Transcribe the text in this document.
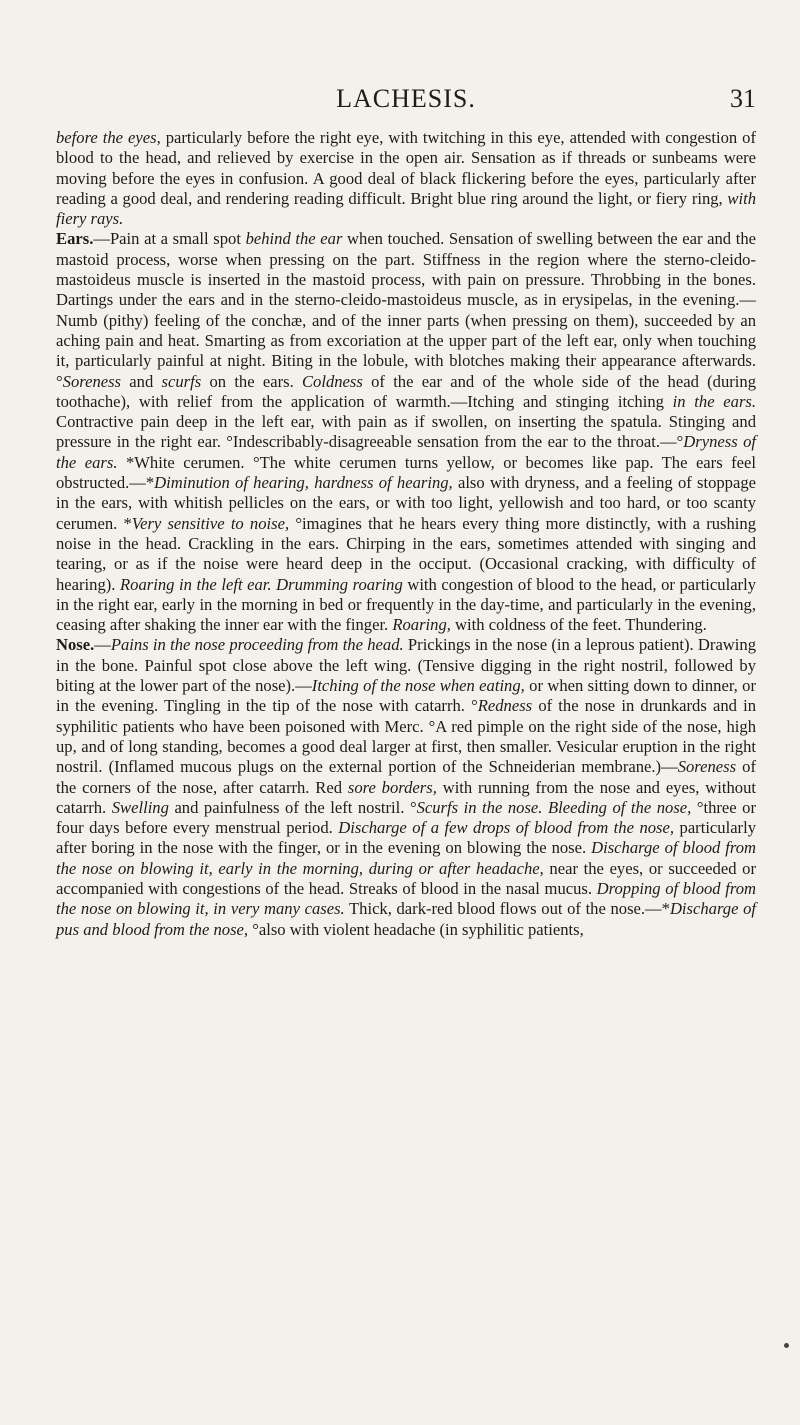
LACHESIS.	31

before the eyes, particularly before the right eye, with twitching in this eye, attended with congestion of blood to the head, and relieved by exercise in the open air. Sensation as if threads or sunbeams were moving before the eyes in confusion. A good deal of black flickering before the eyes, particularly after reading a good deal, and rendering reading difficult. Bright blue ring around the light, or fiery ring, with fiery rays.

Ears.—Pain at a small spot behind the ear when touched. Sensation of swelling between the ear and the mastoid process, worse when pressing on the part. Stiffness in the region where the sterno-cleido-mastoideus muscle is inserted in the mastoid process, with pain on pressure. Throbbing in the bones. Dartings under the ears and in the sterno-cleido-mastoideus muscle, as in erysipelas, in the evening.—Numb (pithy) feeling of the conchæ, and of the inner parts (when pressing on them), succeeded by an aching pain and heat. Smarting as from excoriation at the upper part of the left ear, only when touching it, particularly painful at night. Biting in the lobule, with blotches making their appearance afterwards. °Soreness and scurfs on the ears. Coldness of the ear and of the whole side of the head (during toothache), with relief from the application of warmth.—Itching and stinging itching in the ears. Contractive pain deep in the left ear, with pain as if swollen, on inserting the spatula. Stinging and pressure in the right ear. °Indescribably-disagreeable sensation from the ear to the throat.—°Dryness of the ears. *White cerumen. °The white cerumen turns yellow, or becomes like pap. The ears feel obstructed.—*Diminution of hearing, hardness of hearing, also with dryness, and a feeling of stoppage in the ears, with whitish pellicles on the ears, or with too light, yellowish and too hard, or too scanty cerumen. *Very sensitive to noise, °imagines that he hears every thing more distinctly, with a rushing noise in the head. Crackling in the ears. Chirping in the ears, sometimes attended with singing and tearing, or as if the noise were heard deep in the occiput. (Occasional cracking, with difficulty of hearing). Roaring in the left ear. Drumming roaring with congestion of blood to the head, or particularly in the right ear, early in the morning in bed or frequently in the day-time, and particularly in the evening, ceasing after shaking the inner ear with the finger. Roaring, with coldness of the feet. Thundering.

Nose.—Pains in the nose proceeding from the head. Prickings in the nose (in a leprous patient). Drawing in the bone. Painful spot close above the left wing. (Tensive digging in the right nostril, followed by biting at the lower part of the nose).—Itching of the nose when eating, or when sitting down to dinner, or in the evening. Tingling in the tip of the nose with catarrh. °Redness of the nose in drunkards and in syphilitic patients who have been poisoned with Merc. °A red pimple on the right side of the nose, high up, and of long standing, becomes a good deal larger at first, then smaller. Vesicular eruption in the right nostril. (Inflamed mucous plugs on the external portion of the Schneiderian membrane.)—Soreness of the corners of the nose, after catarrh. Red sore borders, with running from the nose and eyes, without catarrh. Swelling and painfulness of the left nostril. °Scurfs in the nose. Bleeding of the nose, °three or four days before every menstrual period. Discharge of a few drops of blood from the nose, particularly after boring in the nose with the finger, or in the evening on blowing the nose. Discharge of blood from the nose on blowing it, early in the morning, during or after headache, near the eyes, or succeeded or accompanied with congestions of the head. Streaks of blood in the nasal mucus. Dropping of blood from the nose on blowing it, in very many cases. Thick, dark-red blood flows out of the nose.—*Discharge of pus and blood from the nose, °also with violent headache (in syphilitic patients,
